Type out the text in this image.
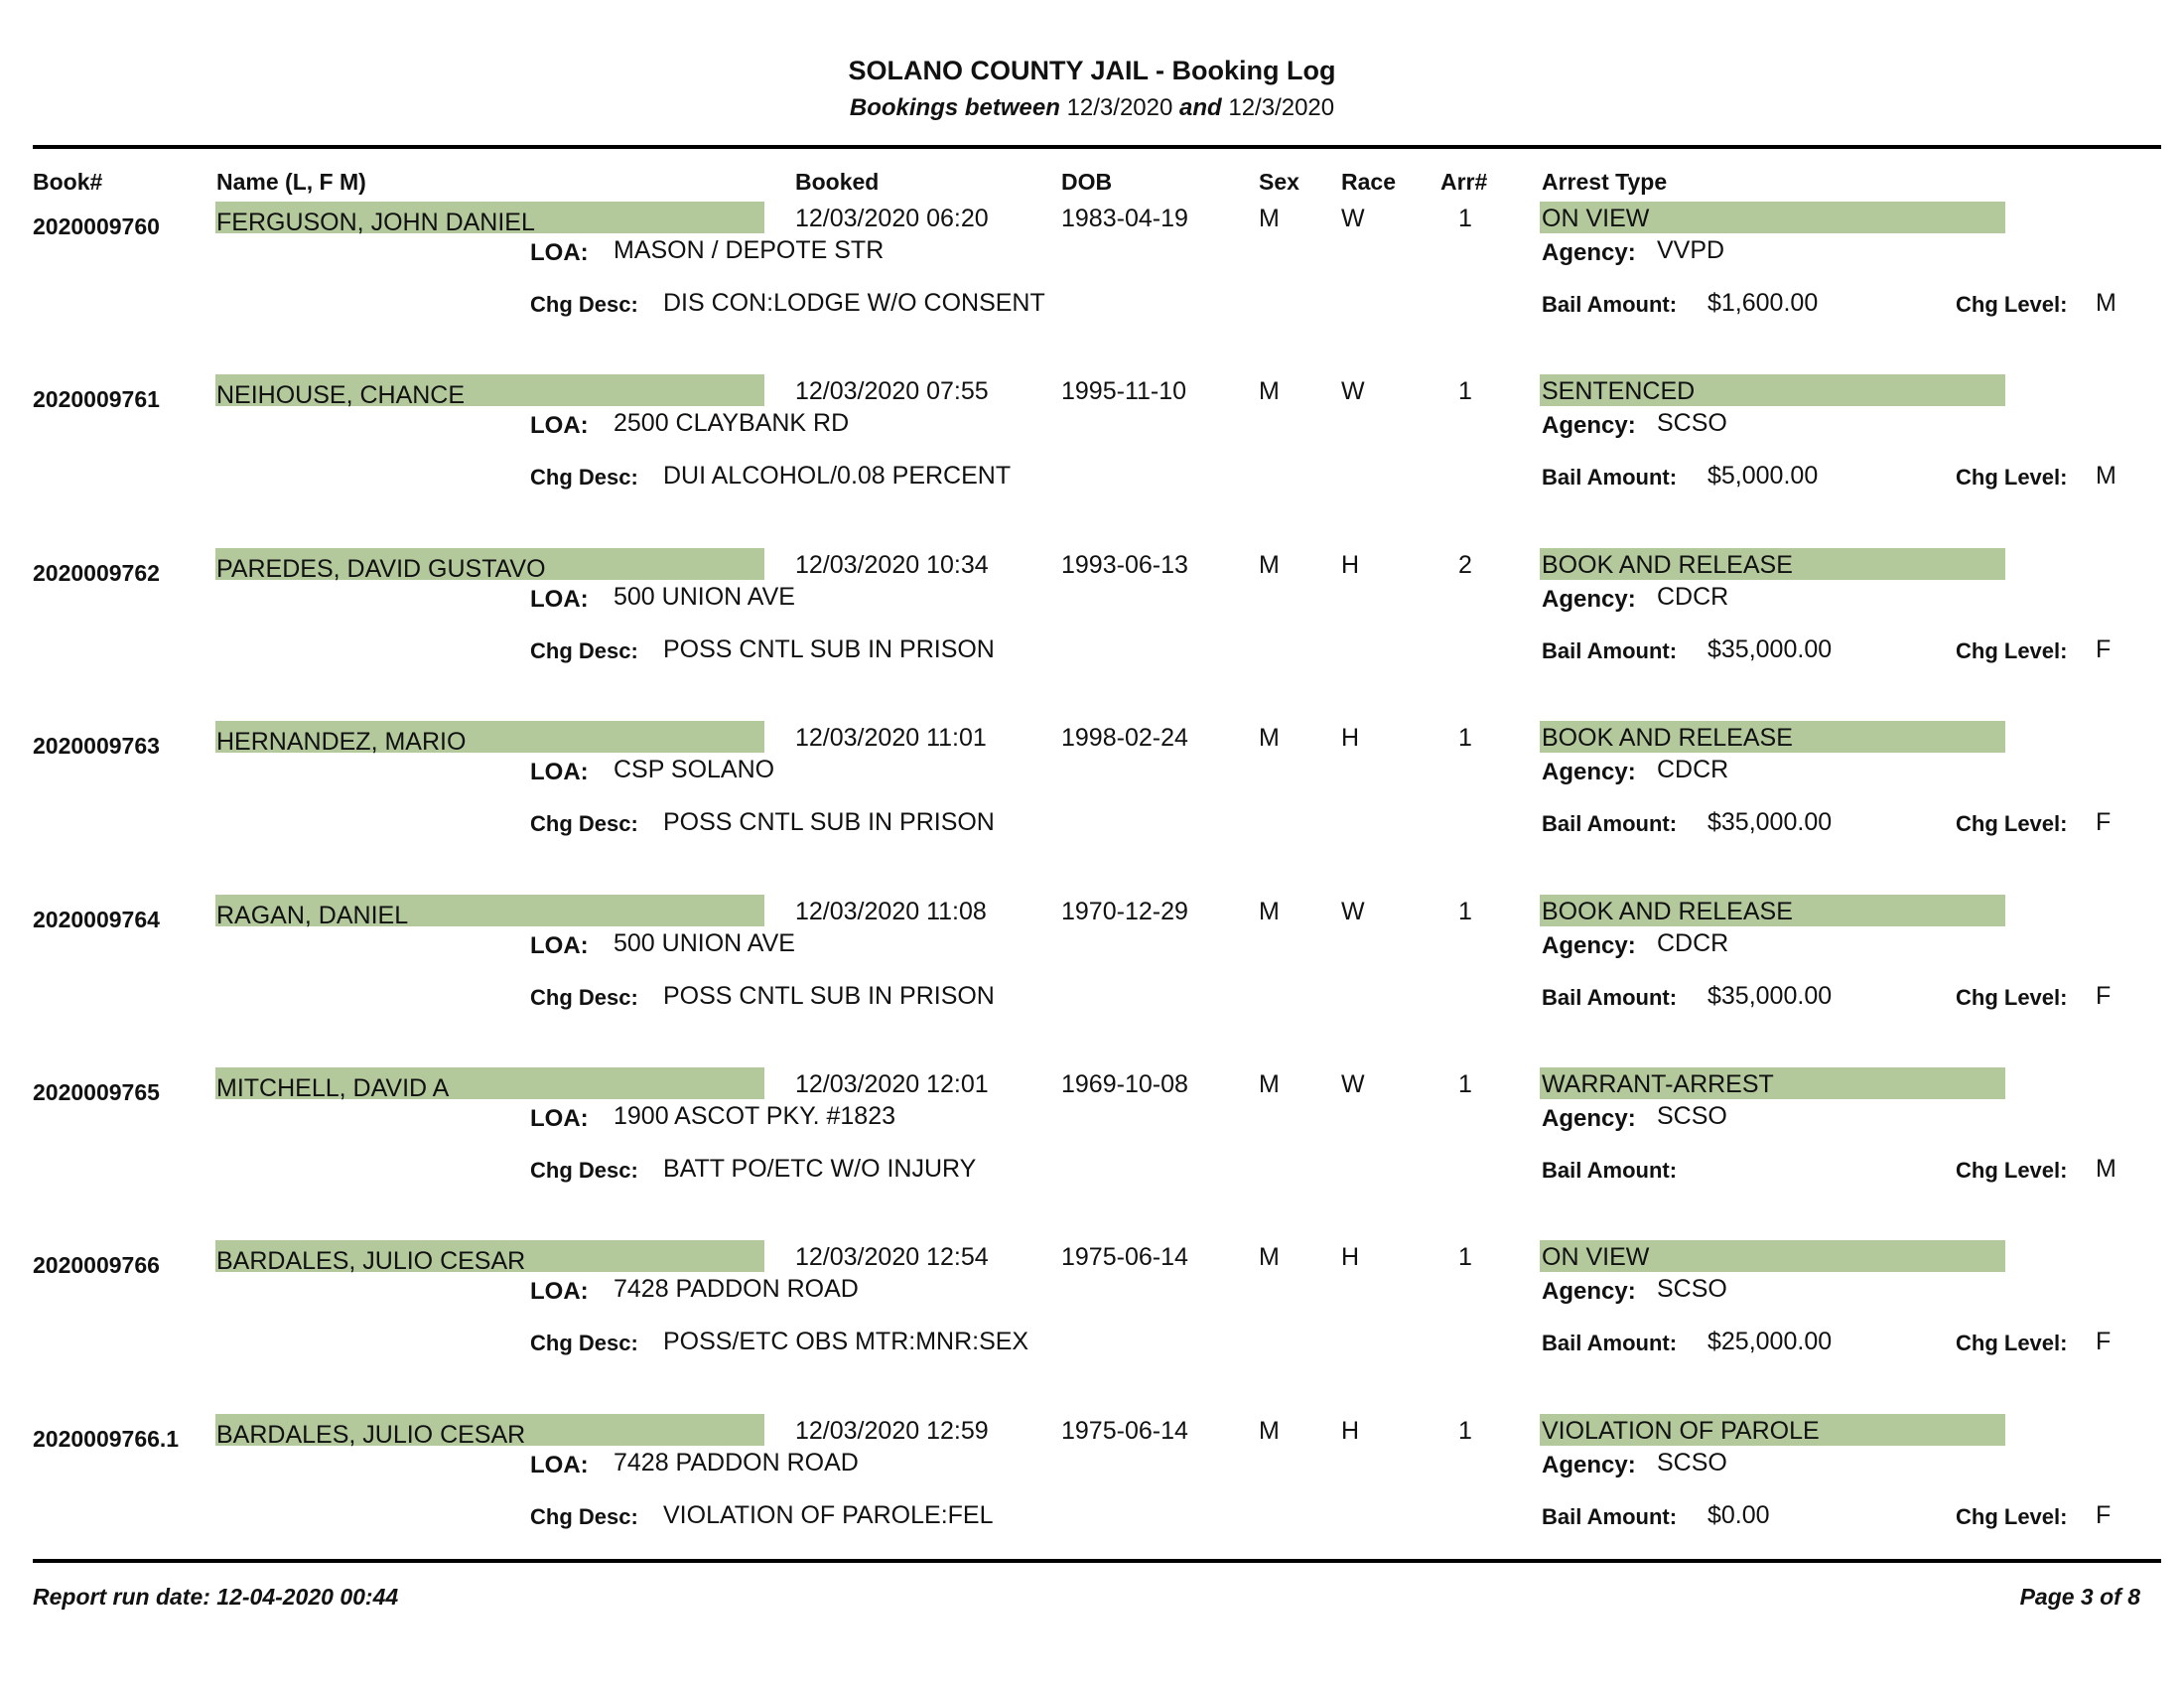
SOLANO COUNTY JAIL - Booking Log
Bookings between 12/3/2020 and 12/3/2020
Book#	Name (L, F M)	Booked	DOB	Sex Race Arr# Arrest Type
2020009760 FERGUSON, JOHN DANIEL	12/03/2020 06:20	1983-04-19	M W	1	ON VIEW
LOA: MASON / DEPOTE STR	Agency: VVPD
Chg Desc: DIS CON:LODGE W/O CONSENT	Bail Amount: $1,600.00	Chg Level: M
2020009761 NEIHOUSE, CHANCE	12/03/2020 07:55	1995-11-10	M W	1	SENTENCED
LOA: 2500 CLAYBANK RD	Agency: SCSO
Chg Desc: DUI ALCOHOL/0.08 PERCENT	Bail Amount: $5,000.00	Chg Level: M
2020009762 PAREDES, DAVID GUSTAVO	12/03/2020 10:34	1993-06-13	M H	2	BOOK AND RELEASE
LOA: 500 UNION AVE	Agency: CDCR
Chg Desc: POSS CNTL SUB IN PRISON	Bail Amount: $35,000.00	Chg Level: F
2020009763 HERNANDEZ, MARIO	12/03/2020 11:01	1998-02-24	M H	1	BOOK AND RELEASE
LOA: CSP SOLANO	Agency: CDCR
Chg Desc: POSS CNTL SUB IN PRISON	Bail Amount: $35,000.00	Chg Level: F
2020009764 RAGAN, DANIEL	12/03/2020 11:08	1970-12-29	M W	1	BOOK AND RELEASE
LOA: 500 UNION AVE	Agency: CDCR
Chg Desc: POSS CNTL SUB IN PRISON	Bail Amount: $35,000.00	Chg Level: F
2020009765 MITCHELL, DAVID A	12/03/2020 12:01	1969-10-08	M W	1	WARRANT-ARREST
LOA: 1900 ASCOT PKY. #1823	Agency: SCSO
Chg Desc: BATT PO/ETC W/O INJURY	Bail Amount:	Chg Level: M
2020009766 BARDALES, JULIO CESAR	12/03/2020 12:54	1975-06-14	M H	1	ON VIEW
LOA: 7428 PADDON ROAD	Agency: SCSO
Chg Desc: POSS/ETC OBS MTR:MNR:SEX	Bail Amount: $25,000.00	Chg Level: F
2020009766.1 BARDALES, JULIO CESAR	12/03/2020 12:59	1975-06-14	M H	1	VIOLATION OF PAROLE
LOA: 7428 PADDON ROAD	Agency: SCSO
Chg Desc: VIOLATION OF PAROLE:FEL	Bail Amount: $0.00	Chg Level: F
Report run date: 12-04-2020 00:44	Page 3 of 8
